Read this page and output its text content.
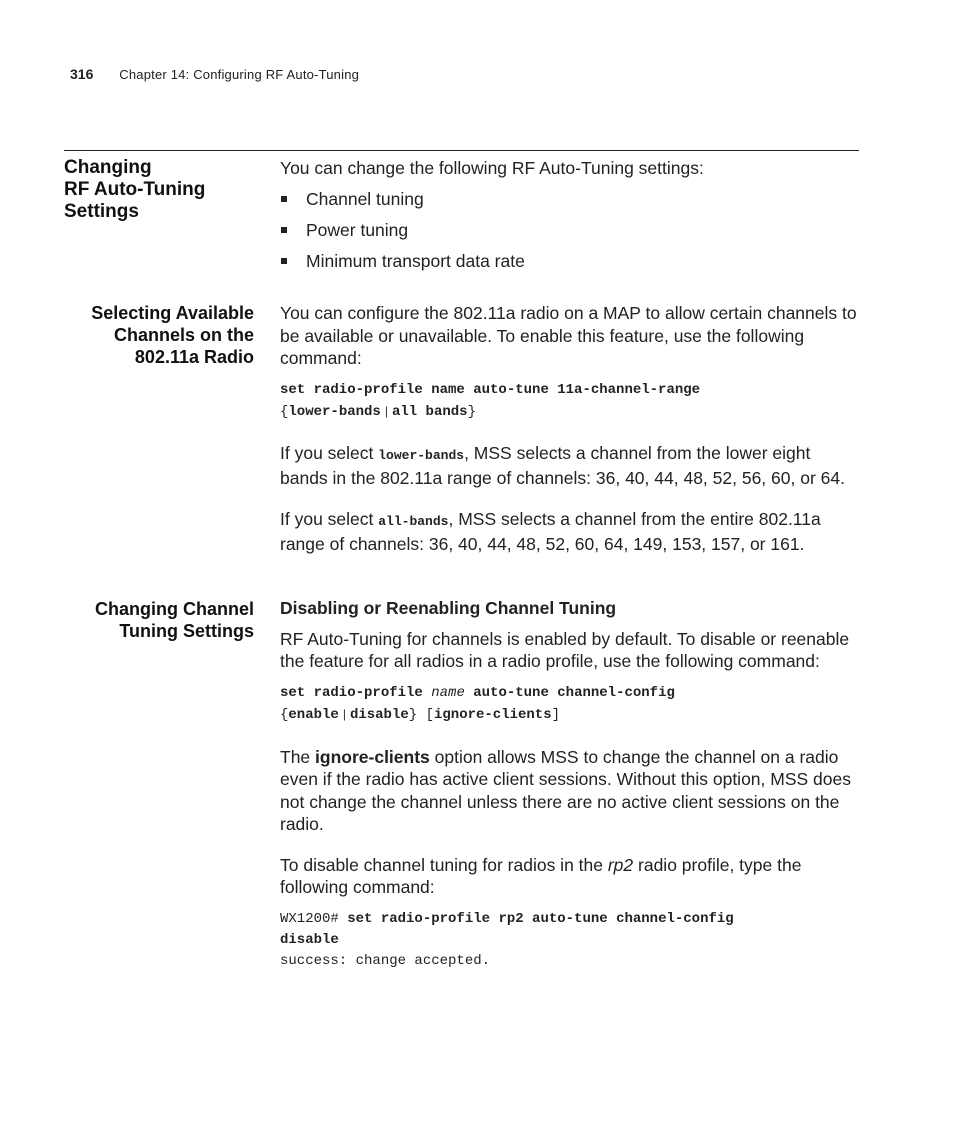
316 Chapter 14: Configuring RF Auto-Tuning
Changing
RF Auto-Tuning
Settings

You can change the following RF Auto-Tuning settings:

Channel tuning
Power tuning
Minimum transport data rate
Selecting Available
Channels on the
802.11a Radio

You can configure the 802.11a radio on a MAP to allow certain channels to be available or unavailable. To enable this feature, use the following command:

set radio-profile name auto-tune 11a-channel-range
{lower-bands | all bands}

If you select lower-bands, MSS selects a channel from the lower eight bands in the 802.11a range of channels: 36, 40, 44, 48, 52, 56, 60, or 64.

If you select all-bands, MSS selects a channel from the entire 802.11a range of channels: 36, 40, 44, 48, 52, 60, 64, 149, 153, 157, or 161.

Changing Channel
Tuning Settings
Disabling or Reenabling Channel Tuning

RF Auto-Tuning for channels is enabled by default. To disable or reenable the feature for all radios in a radio profile, use the following command:

set radio-profile name auto-tune channel-config
{enable | disable} [ignore-clients]

The ignore-clients option allows MSS to change the channel on a radio even if the radio has active client sessions. Without this option, MSS does not change the channel unless there are no active client sessions on the radio.

To disable channel tuning for radios in the rp2 radio profile, type the following command:

WX1200# set radio-profile rp2 auto-tune channel-config
disable
success: change accepted.
